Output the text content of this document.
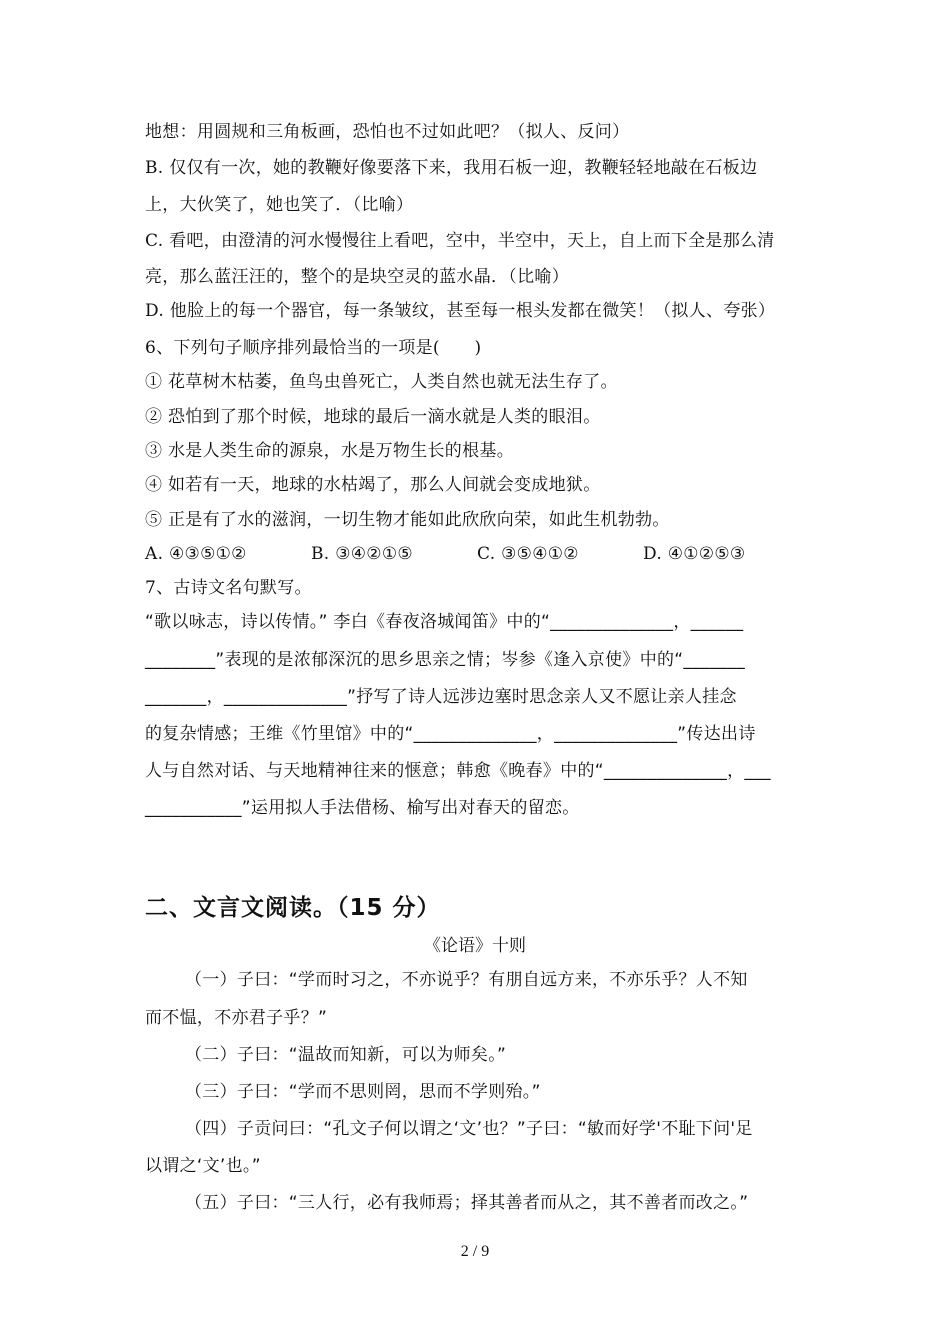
地想：用圆规和三角板画，恐怕也不过如此吧？（拟人、反问）
B. 仅仅有一次，她的教鞭好像要落下来，我用石板一迎，教鞭轻轻地敲在石板边
上，大伙笑了，她也笑了．（比喻）
C. 看吧，由澄清的河水慢慢往上看吧，空中，半空中，天上，自上而下全是那么清
亮，那么蓝汪汪的，整个的是块空灵的蓝水晶．（比喻）
D. 他脸上的每一个器官，每一条皱纹，甚至每一根头发都在微笑！（拟人、夸张）
6、下列句子顺序排列最恰当的一项是(　　)
① 花草树木枯萎，鱼鸟虫兽死亡，人类自然也就无法生存了。
② 恐怕到了那个时候，地球的最后一滴水就是人类的眼泪。
③ 水是人类生命的源泉，水是万物生长的根基。
④ 如若有一天，地球的水枯竭了，那么人间就会变成地狱。
⑤ 正是有了水的滋润，一切生物才能如此欣欣向荣，如此生机勃勃。
A. ④③⑤①②	B. ③④②①⑤	C. ③⑤④①②	D. ④①②⑤③
7、古诗文名句默写。
“歌以咏志，诗以传情。” 李白《春夜洛城闻笛》中的“______________，______
________”表现的是浓郁深沉的思乡思亲之情；岑参《逢入京使》中的“_______
_______，______________”抒写了诗人远涉边塞时思念亲人又不愿让亲人挂念
的复杂情感；王维《竹里馆》中的“______________，______________”传达出诗
人与自然对话、与天地精神往来的惬意；韩愈《晚春》中的“______________，___
___________”运用拟人手法借杨、榆写出对春天的留恋。
二、文言文阅读。（15 分）
《论语》十则
（一）子曰：“学而时习之，不亦说乎？有朋自远方来，不亦乐乎？人不知
而不愠，不亦君子乎？”
（二）子曰：“温故而知新，可以为师矣。”
（三）子曰：“学而不思则罔，思而不学则殆。”
（四）子贡问曰：“孔文子何以谓之‘文’也？”子曰：“敏而好学'不耻下问'足
以谓之‘文’也。”
（五）子曰：“三人行，必有我师焉；择其善者而从之，其不善者而改之。”
2 / 9
